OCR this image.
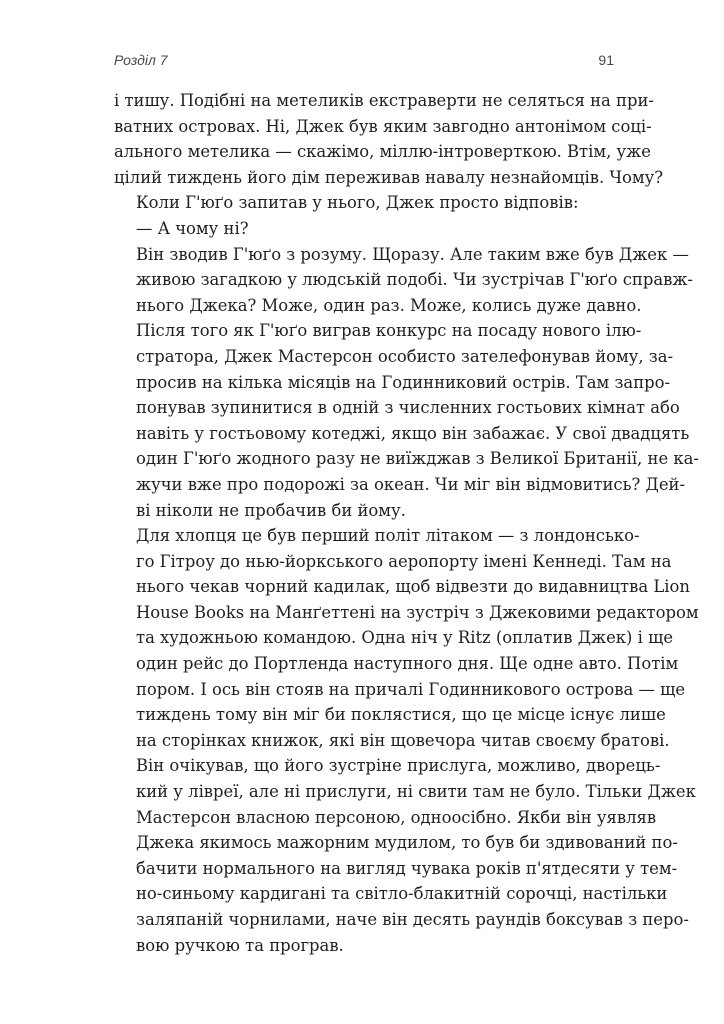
Розділ 7	91

і тишу. Подібні на метеликів екстраверти не селяться на при-
ватних островах. Ні, Джек був яким завгодно антонімом соці-
ального метелика — скажімо, міллю-інтроверткою. Втім, уже
цілий тиждень його дім переживав навалу незнайомців. Чому?

Коли Г'юґо запитав у нього, Джек просто відповів:

— А чому ні?

Він зводив Г'юґо з розуму. Щоразу. Але таким вже був Джек —
живою загадкою у людській подобі. Чи зустрічав Г'юґо справж-
нього Джека? Може, один раз. Може, колись дуже давно.

Після того як Г'юґо виграв конкурс на посаду нового ілю-
стратора, Джек Мастерсон особисто зателефонував йому, за-
просив на кілька місяців на Годинниковий острів. Там запро-
понував зупинитися в одній з численних гостьових кімнат або
навіть у гостьовому котеджі, якщо він забажає. У свої двадцять
один Г'юґо жодного разу не виїжджав з Великої Британії, не ка-
жучи вже про подорожі за океан. Чи міг він відмовитись? Дей-
ві ніколи не пробачив би йому.

Для хлопця це був перший політ літаком — з лондонсько-
го Гітроу до нью-йоркського аеропорту імені Кеннеді. Там на
нього чекав чорний кадилак, щоб відвезти до видавництва Lion
House Books на Манґеттені на зустріч з Джековими редактором
та художньою командою. Одна ніч у Ritz (оплатив Джек) і ще
один рейс до Портленда наступного дня. Ще одне авто. Потім
пором. І ось він стояв на причалі Годинникового острова — ще
тиждень тому він міг би поклястися, що це місце існує лише
на сторінках книжок, які він щовечора читав своєму братові.

Він очікував, що його зустріне прислуга, можливо, дворець-
кий у лівреї, але ні прислуги, ні свити там не було. Тільки Джек
Мастерсон власною персоною, одноосібно. Якби він уявляв
Джека якимось мажорним мудилом, то був би здивований по-
бачити нормального на вигляд чувака років п'ятдесяти у тем-
но-синьому кардигані та світло-блакитній сорочці, настільки
заляпаній чорнилами, наче він десять раундів боксував з перо-
вою ручкою та програв.
